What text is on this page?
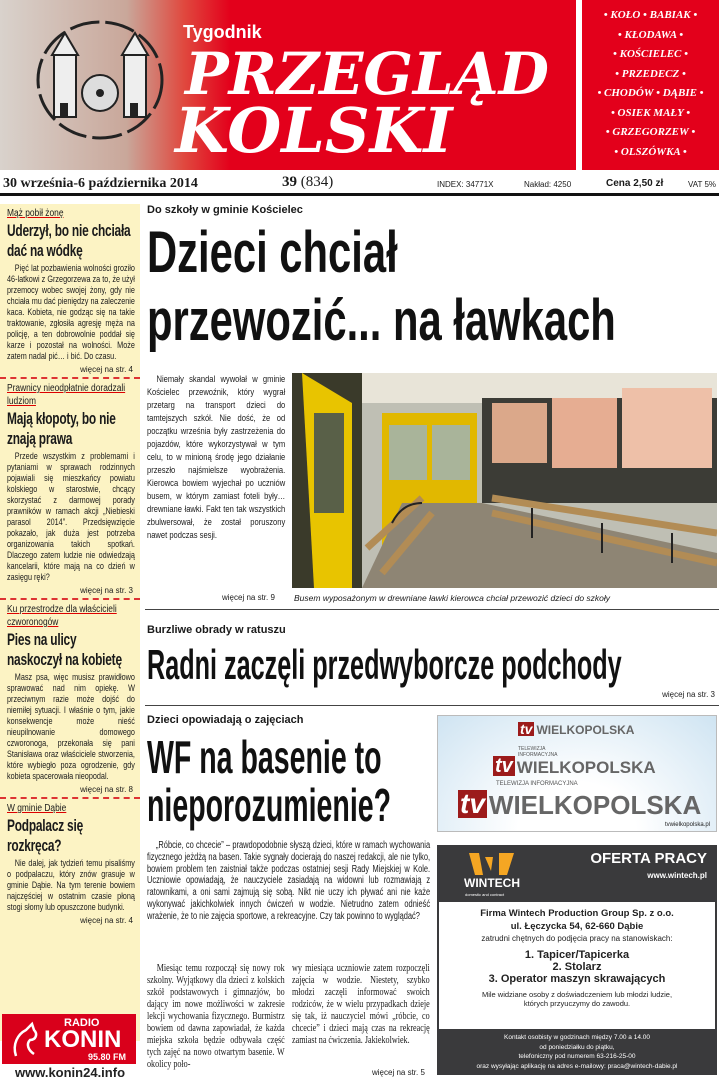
Tygodnik
PRZEGLĄD
KOLSKI
• KOŁO • BABIAK •
• KŁODAWA •
• KOŚCIELEC •
• PRZEDECZ •
• CHODÓW • DĄBIE •
• OSIEK MAŁY •
• GRZEGORZEW •
• OLSZÓWKA •
30 września-6 października 2014	39 (834)	INDEX: 34771X	Nakład: 4250	Cena 2,50 zł	VAT 5%
Mąż pobił żonę
Uderzył, bo nie chciała dać na wódkę
Pięć lat pozbawienia wolności groziło 46-latkowi z Grzegorzewa za to, że użył przemocy wobec swojej żony, gdy nie chciała mu dać pieniędzy na zaleczenie kaca. Kobieta, nie godząc się na takie traktowanie, zgłosiła agresję męża na policję, a ten dobrowolnie poddał się karze i pozostał na wolności. Może zatem nadal pić… i bić. Do czasu.
więcej na str. 4
Prawnicy nieodpłatnie doradzali ludziom
Mają kłopoty, bo nie znają prawa
Przede wszystkim z problemami i pytaniami w sprawach rodzinnych pojawiali się mieszkańcy powiatu kolskiego w starostwie, chcący skorzystać z darmowej porady prawników w ramach akcji „Niebieski parasol 2014”. Przedsięwzięcie pokazało, jak duża jest potrzeba organizowania takich spotkań. Dlaczego zatem ludzie nie odwiedzają kancelarii, które mają na co dzień w zasięgu ręki?
więcej na str. 3
Ku przestrodze dla właścicieli czworonogów
Pies na ulicy naskoczył na kobietę
Masz psa, więc musisz prawidłowo sprawować nad nim opiekę. W przeciwnym razie może dojść do niemiłej sytuacji. I właśnie o tym, jakie konsekwencje może nieść nieupilnowanie domowego czworonoga, przekonała się pani Stanisława oraz właściciele stworzenia, które wybiegło poza ogrodzenie, gdy kobieta spacerowała nieopodal.
więcej na str. 8
W gminie Dąbie
Podpalacz się rozkręca?
Nie dalej, jak tydzień temu pisaliśmy o podpalaczu, który znów grasuje w gminie Dąbie. Na tym terenie bowiem najczęściej w ostatnim czasie płoną stogi słomy lub opuszczone budynki.
więcej na str. 4
RADIO
KONIN
95.80 FM
www.konin24.info
Do szkoły w gminie Kościelec
Dzieci chciał
przewozić... na ławkach
Niemały skandal wywołał w gminie Kościelec przewoźnik, który wygrał przetarg na transport dzieci do tamtejszych szkół. Nie dość, że od początku września były zastrzeżenia do pojazdów, które wykorzystywał w tym celu, to w minioną środę jego działanie przeszło najśmielsze wyobrażenia. Kierowca bowiem wyjechał po uczniów busem, w którym zamiast foteli były… drewniane ławki. Fakt ten tak wszystkich zbulwersował, że został poruszony nawet podczas sesji.
więcej na str. 9 Busem wyposażonym w drewniane ławki kierowca chciał przewozić dzieci do szkoły
Burzliwe obrady w ratuszu
Radni zaczęli przedwyborcze podchody
więcej na str. 3
Dzieci opowiadają o zajęciach
WF na basenie to
nieporozumienie?
„Róbcie, co chcecie” – prawdopodobnie słyszą dzieci, które w ramach wychowania fizycznego jeżdżą na basen. Takie sygnały docierają do naszej redakcji, ale nie tylko, bowiem problem ten zaistniał także podczas ostatniej sesji Rady Miejskiej w Kole. Uczniowie opowiadają, że nauczyciele zasiadają na widowni lub rozmawiają z ratownikami, a oni sami zajmują się sobą. Nikt nie uczy ich pływać ani nie każe wykonywać jakichkolwiek innych ćwiczeń w wodzie. Nietrudno zatem odnieść wrażenie, że to nie zajęcia sportowe, a rekreacyjne. Czy tak powinno to wyglądać?
Miesiąc temu rozpoczął się nowy rok szkolny. Wyjątkowy dla dzieci z kolskich szkół podstawowych i gimnazjów, bo dający im nowe możliwości w zakresie lekcji wychowania fizycznego. Burmistrz bowiem od dawna zapowiadał, że każda miejska szkoła będzie odbywała część tych zajęć na nowo otwartym basenie. W okolicy poło-
wy miesiąca uczniowie zatem rozpoczęli zajęcia w wodzie. Niestety, szybko młodzi zaczęli informować swoich rodziców, że w wielu przypadkach dzieje się tak, iż nauczyciel mówi „róbcie, co chcecie” i dzieci mają czas na rekreację zamiast na ćwiczenia. Jakiekolwiek.
więcej na str. 5
tv WIELKOPOLSKA
TELEWIZJA INFORMACYJNA
tv WIELKOPOLSKA
TELEWIZJA INFORMACYJNA
tv WIELKOPOLSKA
tvwielkopolska.pl
WINTECH
domestic and contract
OFERTA PRACY
www.wintech.pl
Firma Wintech Production Group Sp. z o.o.
ul. Łęczycka 54, 62-660 Dąbie
zatrudni chętnych do podjęcia pracy na stanowiskach:
1. Tapicer/Tapicerka
2. Stolarz
3. Operator maszyn skrawających
Mile widziane osoby z doświadczeniem lub młodzi ludzie, których przyuczymy do zawodu.
Kontakt osobisty w godzinach między 7.00 a 14.00
od poniedziałku do piątku,
telefoniczny pod numerem 63-216-25-00
oraz wysyłając aplikację na adres e-mailowy: praca@wintech-dabie.pl
